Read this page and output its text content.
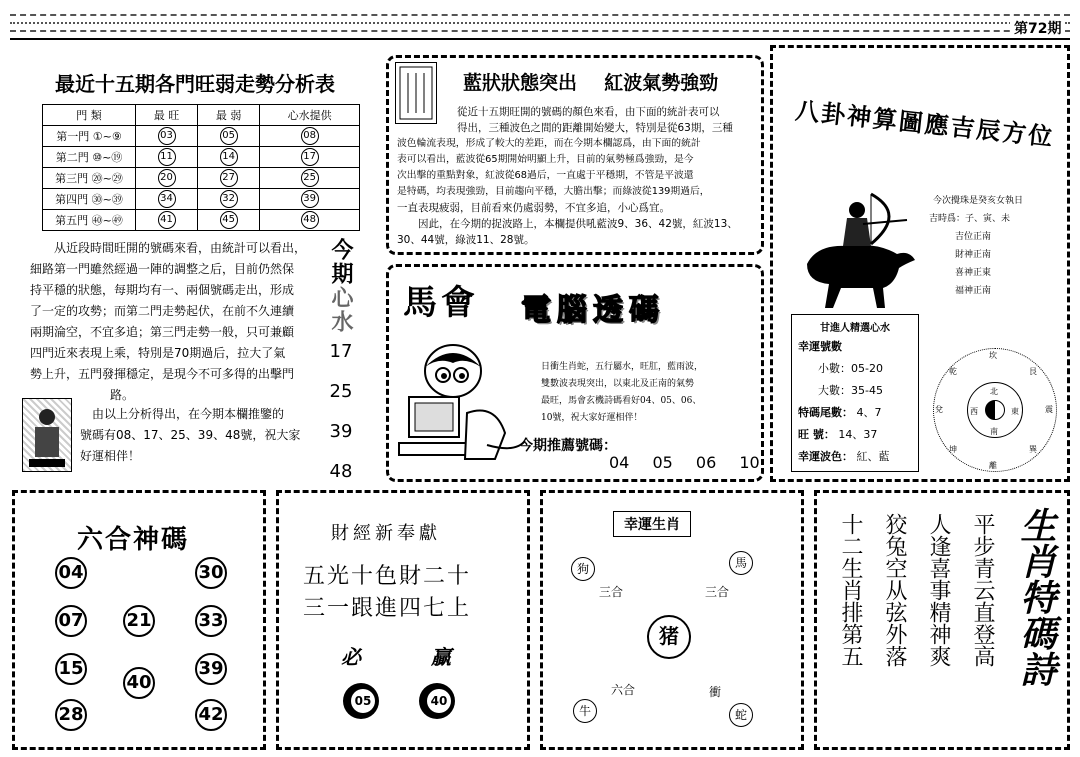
第72期
最近十五期各門旺弱走勢分析表
門 類	最 旺	最 弱	心水提供
第一門 ①~⑨	03	05	08
第二門 ⑩~⑲	11	14	17
第三門 ⑳~㉙	20	27	25
第四門 ㉚~㊴	34	32	39
第五門 ㊵~㊾	41	45	48
从近段時間旺開的號碼來看，由統計可以看出，
細路第一門雖然經過一陣的調整之后，目前仍然保
持平穩的狀態，每期均有一、兩個號碼走出，形成
了一定的攻勢；而第二門走勢起伏，在前不久連續
兩期淪空，不宜多追；第三門走勢一般，只可兼顧
四門近來表現上乘，特別是70期過后，拉大了氣
勢上升，五門發揮穩定，是現今不可多得的出擊門
路。
由以上分析得出，在今期本欄推鑒的
號碼有08、17、25、39、48號，祝大家
好運相伴！
今期
心水
17
25
39
48
藍狀狀態突出 紅波氣勢強勁
從近十五期旺開的號碼的顏色來看，由下面的統計表可以
得出，三種波色之間的距離開始變大，特別是從63期，三種
波色輪流表現，形成了較大的差距，而在今期本欄認爲，由下面的統計
表可以看出，藍波從65期開始明顯上升，目前的氣勢極爲強勁，是今
次出擊的重點對象，紅波從68過后，一直處于平穩期，不管是平波還
是特碼，均表現強勁，目前趨向平穩，大膽出擊；而綠波從139期過后，
一直表現疲弱，目前看來仍處弱勢，不宜多追，小心爲宜。
因此，在今期的捉波路上，本欄提供吼藍波9、36、42號，紅波13、
30、44號，綠波11、28號。
馬會 電腦透碼
日衝生肖蛇，五行屬水，旺肛，藍雨波，
雙數波表現突出，以東北及正南的氣勢
最旺，馬會玄機詩碼看好04、05、06、
10號，祝大家好運相伴！
今期推薦號碼：
04 05 06 10
八卦神算圖應吉辰方位
今次攪珠是癸亥女執日
吉時爲：子、寅、未
吉位正南
財神正南
喜神正東
福神正南
甘進人精選心水
幸運號數
小數：05-20
大數：35-45
特碼尾數： 4、7
旺 號： 14、37
幸運波色： 紅、藍
坎
艮
震
巽
離
坤
兌
乾
北
東
南
西
六合神碼
04	30
07 21	33
15
40
39
28	42
財經新奉獻
五光十色財二十
三一跟進四七上
必	贏
05	40
幸運生肖
狗	馬
三合	三合
猪
六合	衝
牛	蛇
平步青云直登高
人逢喜事精神爽
狡兔空从弦外落
十二生肖排第五	生肖特碼詩
